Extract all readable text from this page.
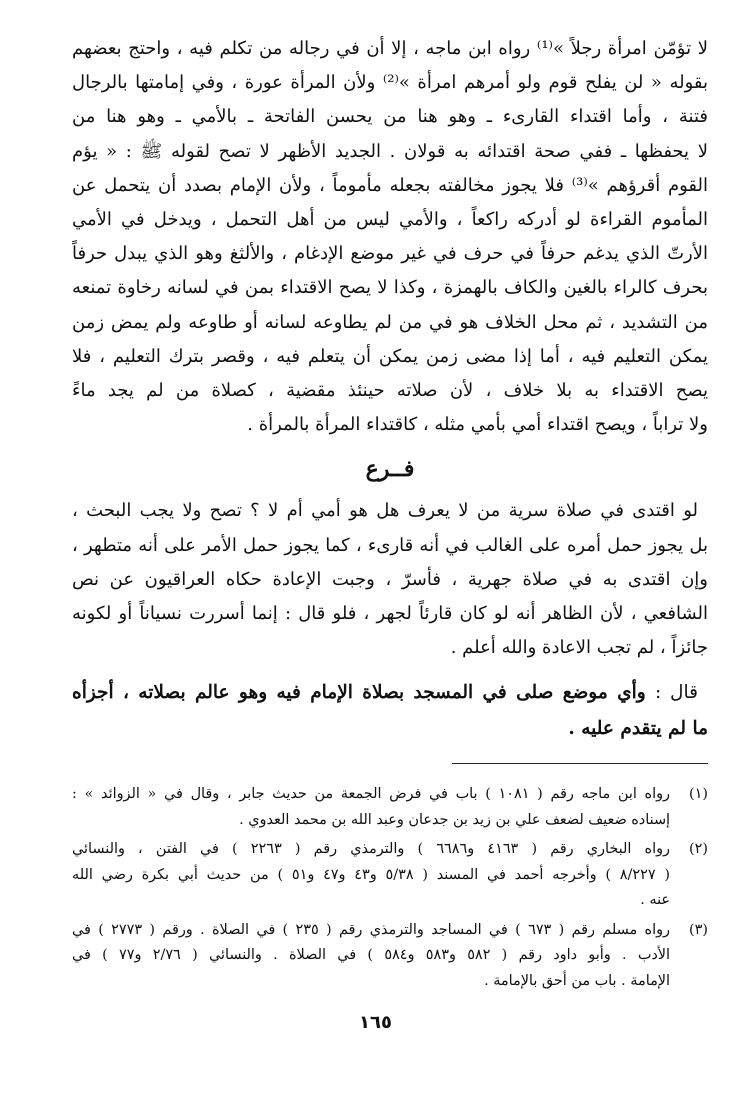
لا تؤمّن امرأة رجلاً »⁽¹⁾ رواه ابن ماجه ، إلا أن في رجاله من تكلم فيه ، واحتج بعضهم
بقوله « لن يفلح قوم ولو أمرهم امرأة »⁽²⁾ ولأن المرأة عورة ، وفي إمامتها بالرجال
فتنة ، وأما اقتداء القارىء ـ وهو هنا من يحسن الفاتحة ـ بالأمي ـ وهو هنا من
لا يحفظها ـ ففي صحة اقتدائه به قولان . الجديد الأظهر لا تصح لقوله ﷺ : « يؤم
القوم أقرؤهم »⁽³⁾ فلا يجوز مخالفته بجعله مأموماً ، ولأن الإمام بصدد أن يتحمل عن
المأموم القراءة لو أدركه راكعاً ، والأمي ليس من أهل التحمل ، ويدخل في الأمي
الأرتّ الذي يدغم حرفاً في حرف في غير موضع الإدغام ، والألثغ وهو الذي يبدل حرفاً
بحرف كالراء بالغين والكاف بالهمزة ، وكذا لا يصح الاقتداء بمن في لسانه رخاوة تمنعه
من التشديد ، ثم محل الخلاف هو في من لم يطاوعه لسانه أو طاوعه ولم يمض زمن
يمكن التعليم فيه ، أما إذا مضى زمن يمكن أن يتعلم فيه ، وقصر بترك التعليم ، فلا
يصح الاقتداء به بلا خلاف ، لأن صلاته حينئذ مقضية ، كصلاة من لم يجد ماءً
ولا تراباً ، ويصح اقتداء أمي بأمي مثله ، كاقتداء المرأة بالمرأة .
فــرع
لو اقتدى في صلاة سرية من لا يعرف هل هو أمي أم لا ؟ تصح ولا يجب البحث ،
بل يجوز حمل أمره على الغالب في أنه قارىء ، كما يجوز حمل الأمر على أنه متطهر ،
وإن اقتدى به في صلاة جهرية ، فأسرّ ، وجبت الإعادة حكاه العراقيون عن نص
الشافعي ، لأن الظاهر أنه لو كان قارئاً لجهر ، فلو قال : إنما أسررت نسياناً أو لكونه
جائزاً ، لم تجب الاعادة والله أعلم .
قال : وأي موضع صلى في المسجد بصلاة الإمام فيه وهو عالم بصلاته ، أجزأه
ما لم يتقدم عليه .
(١)
رواه ابن ماجه رقم ( ١٠٨١ ) باب في فرض الجمعة من حديث جابر ، وقال في « الزوائد » :
إسناده ضعيف لضعف علي بن زيد بن جدعان وعبد الله بن محمد العدوي .
(٢)
رواه البخاري رقم ( ٤١٦٣ و٦٦٨٦ ) والترمذي رقم ( ٢٢٦٣ ) في الفتن ، والنسائي
( ٨/٢٢٧ ) وأخرجه أحمد في المسند ( ٥/٣٨ و٤٣ و٤٧ و٥١ ) من حديث أبي بكرة رضي الله
عنه .
(٣)
رواه مسلم رقم ( ٦٧٣ ) في المساجد والترمذي رقم ( ٢٣٥ ) في الصلاة . ورقم ( ٢٧٧٣ ) في
الأدب . وأبو داود رقم ( ٥٨٢ و٥٨٣ و٥٨٤ ) في الصلاة . والنسائي ( ٢/٧٦ و٧٧ ) في
الإمامة . باب من أحق بالإمامة .
١٦٥
